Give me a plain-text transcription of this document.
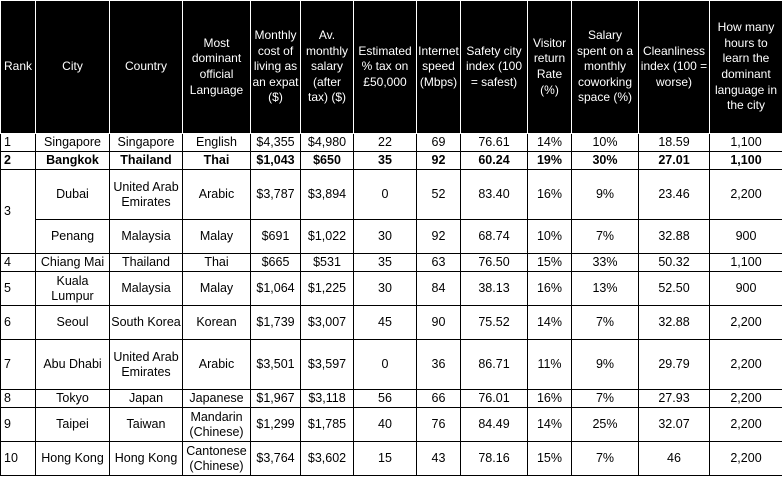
Rank	City	Country	Most dominant official Language	Monthly cost of living as an expat ($)	Av. monthly salary (after tax) ($)	Estimated % tax on £50,000	Internet speed (Mbps)	Safety city index (100 = safest)	Visitor return Rate (%)	Salary spent on a monthly coworking space (%)	Cleanliness index (100 = worse)	How many hours to learn the dominant language in the city
1	Singapore	Singapore	English	$4,355	$4,980	22	69	76.61	14%	10%	18.59	1,100
2	Bangkok	Thailand	Thai	$1,043	$650	35	92	60.24	19%	30%	27.01	1,100
3	Dubai	United Arab Emirates	Arabic	$3,787	$3,894	0	52	83.40	16%	9%	23.46	2,200
	Penang	Malaysia	Malay	$691	$1,022	30	92	68.74	10%	7%	32.88	900
4	Chiang Mai	Thailand	Thai	$665	$531	35	63	76.50	15%	33%	50.32	1,100
5	Kuala Lumpur	Malaysia	Malay	$1,064	$1,225	30	84	38.13	16%	13%	52.50	900
6	Seoul	South Korea	Korean	$1,739	$3,007	45	90	75.52	14%	7%	32.88	2,200
7	Abu Dhabi	United Arab Emirates	Arabic	$3,501	$3,597	0	36	86.71	11%	9%	29.79	2,200
8	Tokyo	Japan	Japanese	$1,967	$3,118	56	66	76.01	16%	7%	27.93	2,200
9	Taipei	Taiwan	Mandarin (Chinese)	$1,299	$1,785	40	76	84.49	14%	25%	32.07	2,200
10	Hong Kong	Hong Kong	Cantonese (Chinese)	$3,764	$3,602	15	43	78.16	15%	7%	46	2,200
